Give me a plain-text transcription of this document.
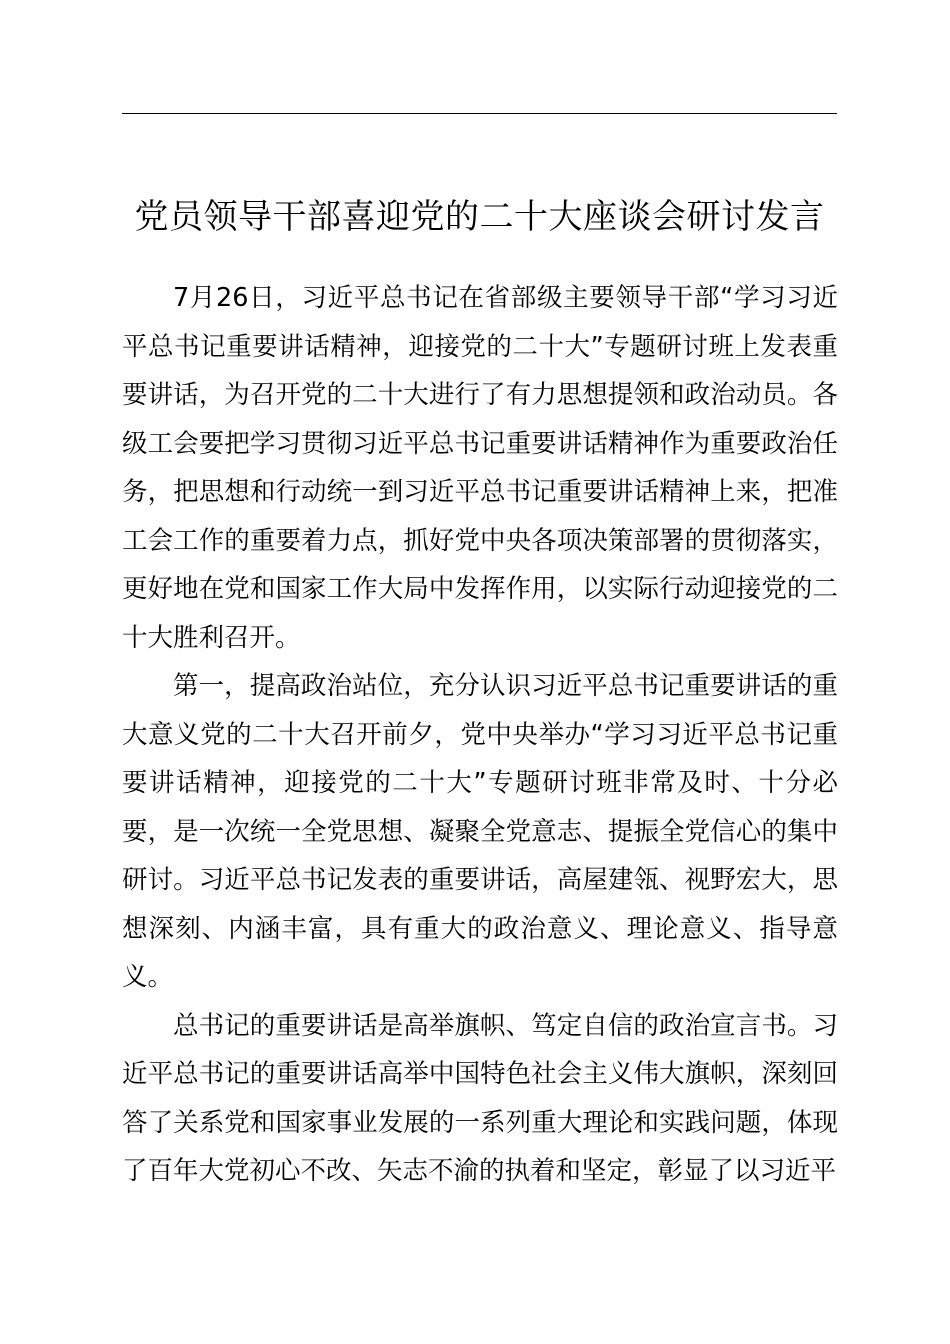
党员领导干部喜迎党的二十大座谈会研讨发言

7月26日，习近平总书记在省部级主要领导干部“学习习近平总书记重要讲话精神，迎接党的二十大”专题研讨班上发表重要讲话，为召开党的二十大进行了有力思想提领和政治动员。各级工会要把学习贯彻习近平总书记重要讲话精神作为重要政治任务，把思想和行动统一到习近平总书记重要讲话精神上来，把准工会工作的重要着力点，抓好党中央各项决策部署的贯彻落实，更好地在党和国家工作大局中发挥作用，以实际行动迎接党的二十大胜利召开。

第一，提高政治站位，充分认识习近平总书记重要讲话的重大意义党的二十大召开前夕，党中央举办“学习习近平总书记重要讲话精神，迎接党的二十大”专题研讨班非常及时、十分必要，是一次统一全党思想、凝聚全党意志、提振全党信心的集中研讨。习近平总书记发表的重要讲话，高屋建瓴、视野宏大，思想深刻、内涵丰富，具有重大的政治意义、理论意义、指导意义。

总书记的重要讲话是高举旗帜、笃定自信的政治宣言书。习近平总书记的重要讲话高举中国特色社会主义伟大旗帜，深刻回答了关系党和国家事业发展的一系列重大理论和实践问题，体现了百年大党初心不改、矢志不渝的执着和坚定，彰显了以习近平
